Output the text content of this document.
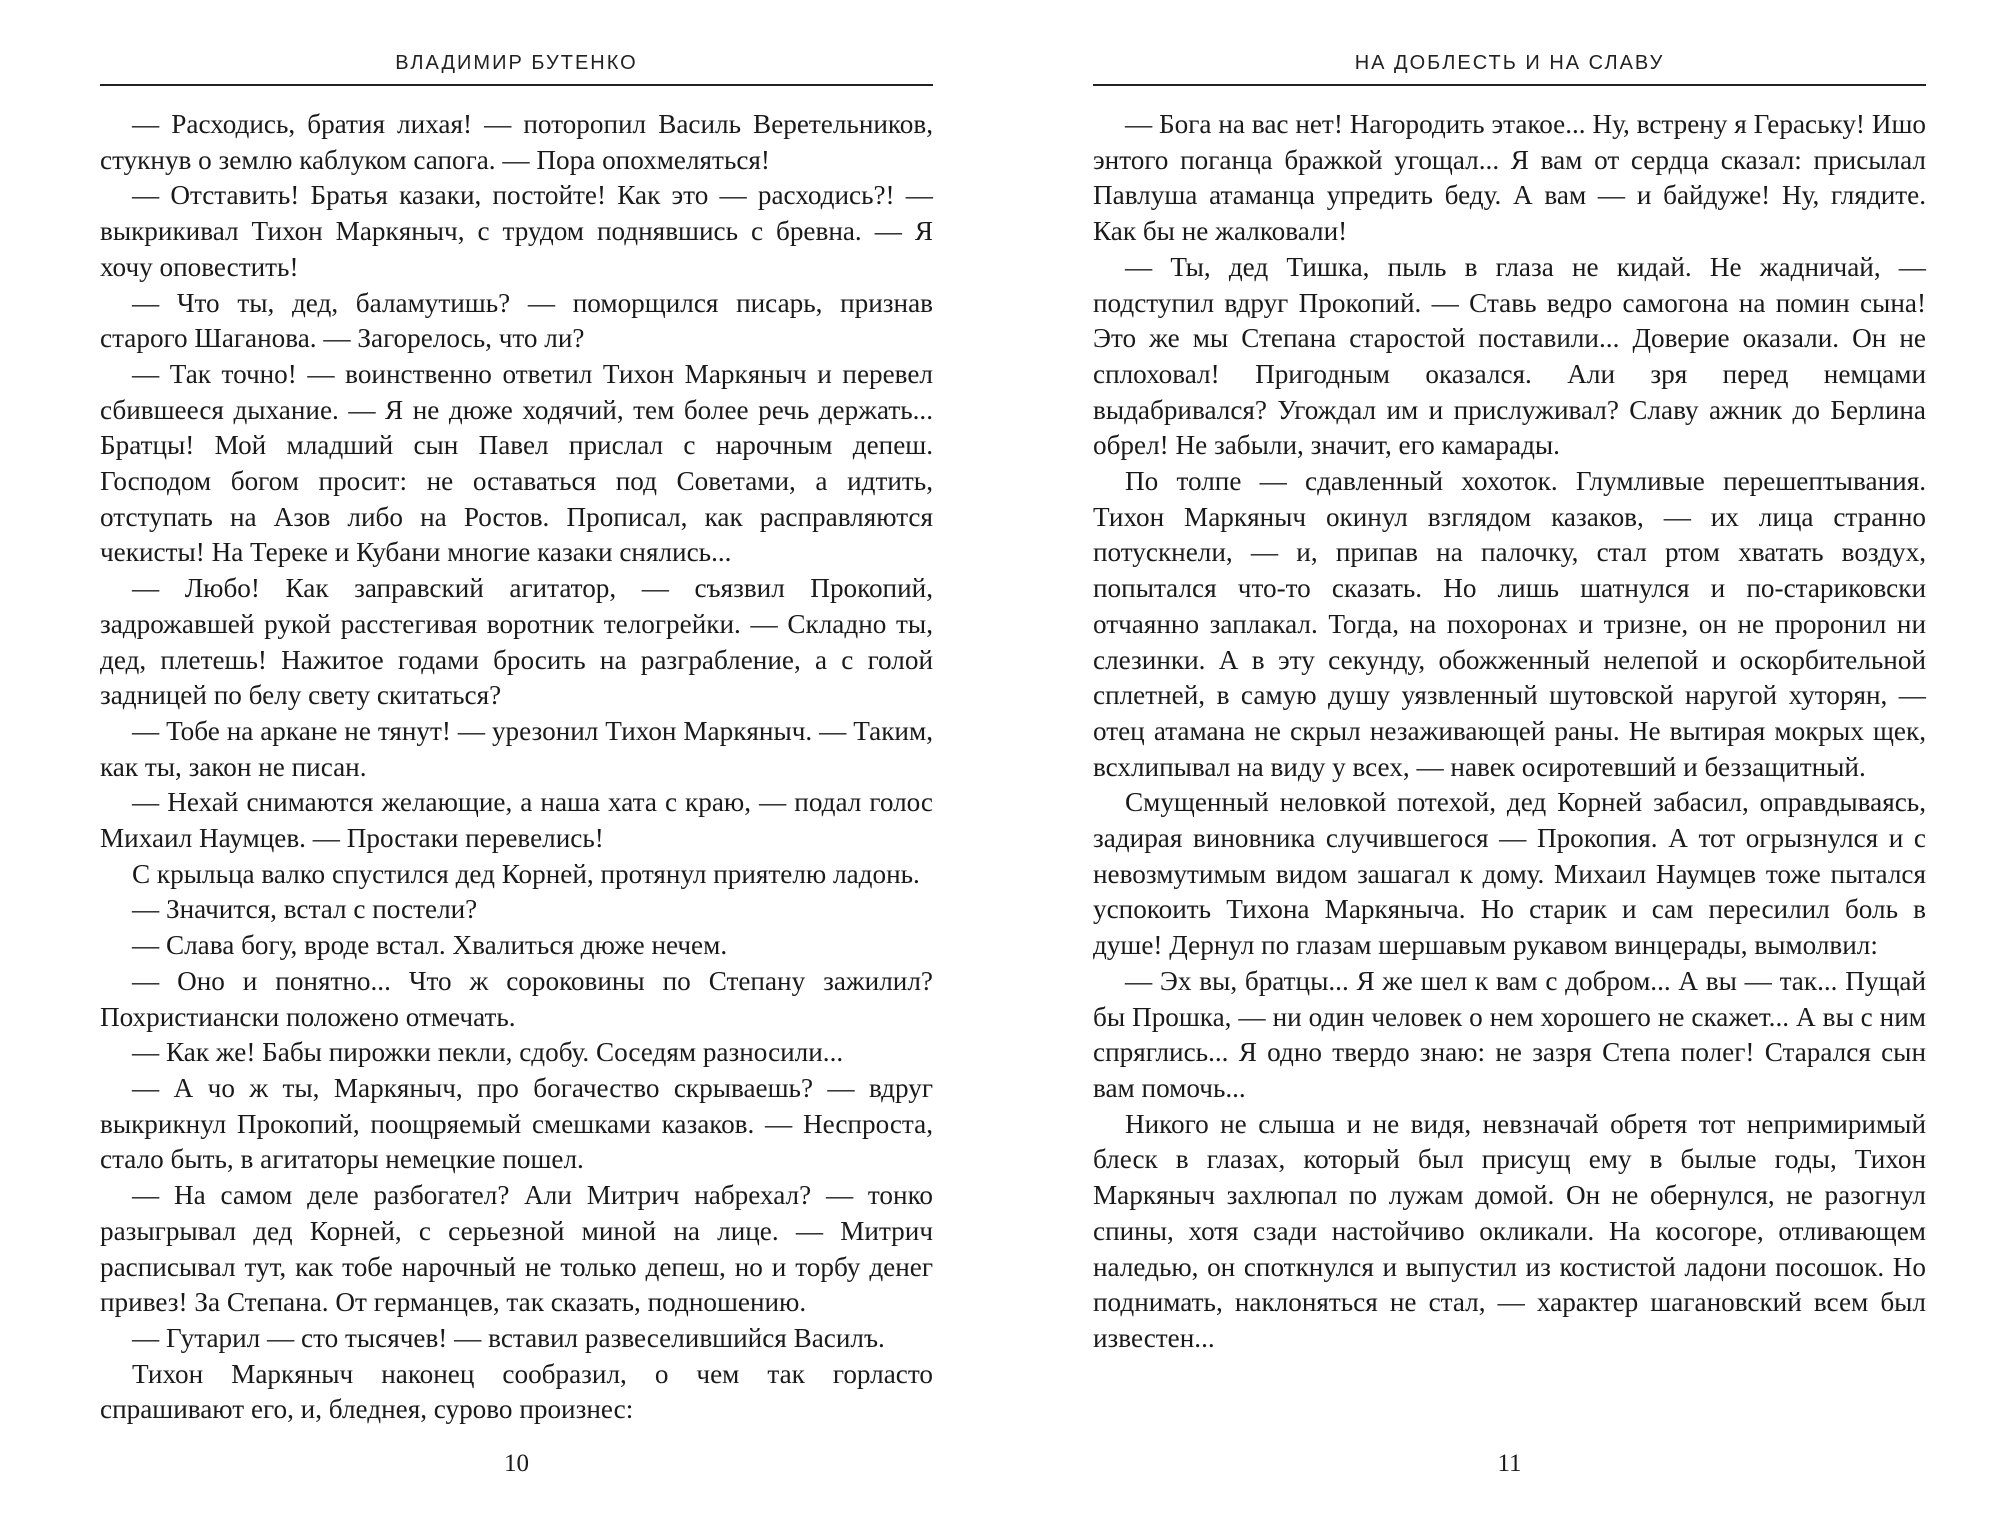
ВЛАДИМИР БУТЕНКО

— Расходись, братия лихая! — поторопил Василь Веретельников, стукнув о землю каблуком сапога. — Пора опохмеляться!

— Отставить! Братья казаки, постойте! Как это — расходись?! — выкрикивал Тихон Маркяныч, с трудом поднявшись с бревна. — Я хочу оповестить!

— Что ты, дед, баламутишь? — поморщился писарь, признав старого Шаганова. — Загорелось, что ли?

— Так точно! — воинственно ответил Тихон Маркяныч и перевел сбившееся дыхание. — Я не дюже ходячий, тем более речь держать... Братцы! Мой младший сын Павел прислал с нарочным депеш. Господом богом просит: не оставаться под Советами, а идтить, отступать на Азов либо на Ростов. Прописал, как расправляются чекисты! На Тереке и Кубани многие казаки снялись...

— Любо! Как заправский агитатор, — съязвил Прокопий, задрожавшей рукой расстегивая воротник телогрейки. — Складно ты, дед, плетешь! Нажитое годами бросить на разграбление, а с голой задницей по белу свету скитаться?

— Тобе на аркане не тянут! — урезонил Тихон Маркяныч. — Таким, как ты, закон не писан.

— Нехай снимаются желающие, а наша хата с краю, — подал голос Михаил Наумцев. — Простаки перевелись!

С крыльца валко спустился дед Корней, протянул приятелю ладонь.

— Значится, встал с постели?

— Слава богу, вроде встал. Хвалиться дюже нечем.

— Оно и понятно... Что ж сороковины по Степану зажилил? Похристиански положено отмечать.

— Как же! Бабы пирожки пекли, сдобу. Соседям разносили...

— А чо ж ты, Маркяныч, про богачество скрываешь? — вдруг выкрикнул Прокопий, поощряемый смешками казаков. — Неспроста, стало быть, в агитаторы немецкие пошел.

— На самом деле разбогател? Али Митрич набрехал? — тонко разыгрывал дед Корней, с серьезной миной на лице. — Митрич расписывал тут, как тобе нарочный не только депеш, но и торбу денег привез! За Степана. От германцев, так сказать, подношению.

— Гутарил — сто тысячев! — вставил развеселившийся Василъ.

Тихон Маркяныч наконец сообразил, о чем так горласто спрашивают его, и, бледнея, сурово произнес:

10
НА ДОБЛЕСТЬ И НА СЛАВУ

— Бога на вас нет! Нагородить этакое... Ну, встрену я Гераську! Ишо энтого поганца бражкой угощал... Я вам от сердца сказал: присылал Павлуша атаманца упредить беду. А вам — и байдуже! Ну, глядите. Как бы не жалковали!

— Ты, дед Тишка, пыль в глаза не кидай. Не жадничай, — подступил вдруг Прокопий. — Ставь ведро самогона на помин сына! Это же мы Степана старостой поставили... Доверие оказали. Он не сплоховал! Пригодным оказался. Али зря перед немцами выдабривался? Угождал им и прислуживал? Славу ажник до Берлина обрел! Не забыли, значит, его камарады.

По толпе — сдавленный хохоток. Глумливые перешептывания. Тихон Маркяныч окинул взглядом казаков, — их лица странно потускнели, — и, припав на палочку, стал ртом хватать воздух, попытался что-то сказать. Но лишь шатнулся и по-стариковски отчаянно заплакал. Тогда, на похоронах и тризне, он не проронил ни слезинки. А в эту секунду, обожженный нелепой и оскорбительной сплетней, в самую душу уязвленный шутовской наругой хуторян, — отец атамана не скрыл незаживающей раны. Не вытирая мокрых щек, всхлипывал на виду у всех, — навек осиротевший и беззащитный.

Смущенный неловкой потехой, дед Корней забасил, оправдываясь, задирая виновника случившегося — Прокопия. А тот огрызнулся и с невозмутимым видом зашагал к дому. Михаил Наумцев тоже пытался успокоить Тихона Маркяныча. Но старик и сам пересилил боль в душе! Дернул по глазам шершавым рукавом винцерады, вымолвил:

— Эх вы, братцы... Я же шел к вам с добром... А вы — так... Пущай бы Прошка, — ни один человек о нем хорошего не скажет... А вы с ним спряглись... Я одно твердо знаю: не зазря Степа полег! Старался сын вам помочь...

Никого не слыша и не видя, невзначай обретя тот непримиримый блеск в глазах, который был присущ ему в былые годы, Тихон Маркяныч захлюпал по лужам домой. Он не обернулся, не разогнул спины, хотя сзади настойчиво окликали. На косогоре, отливающем наледью, он споткнулся и выпустил из костистой ладони посошок. Но поднимать, наклоняться не стал, — характер шагановский всем был известен...

11
